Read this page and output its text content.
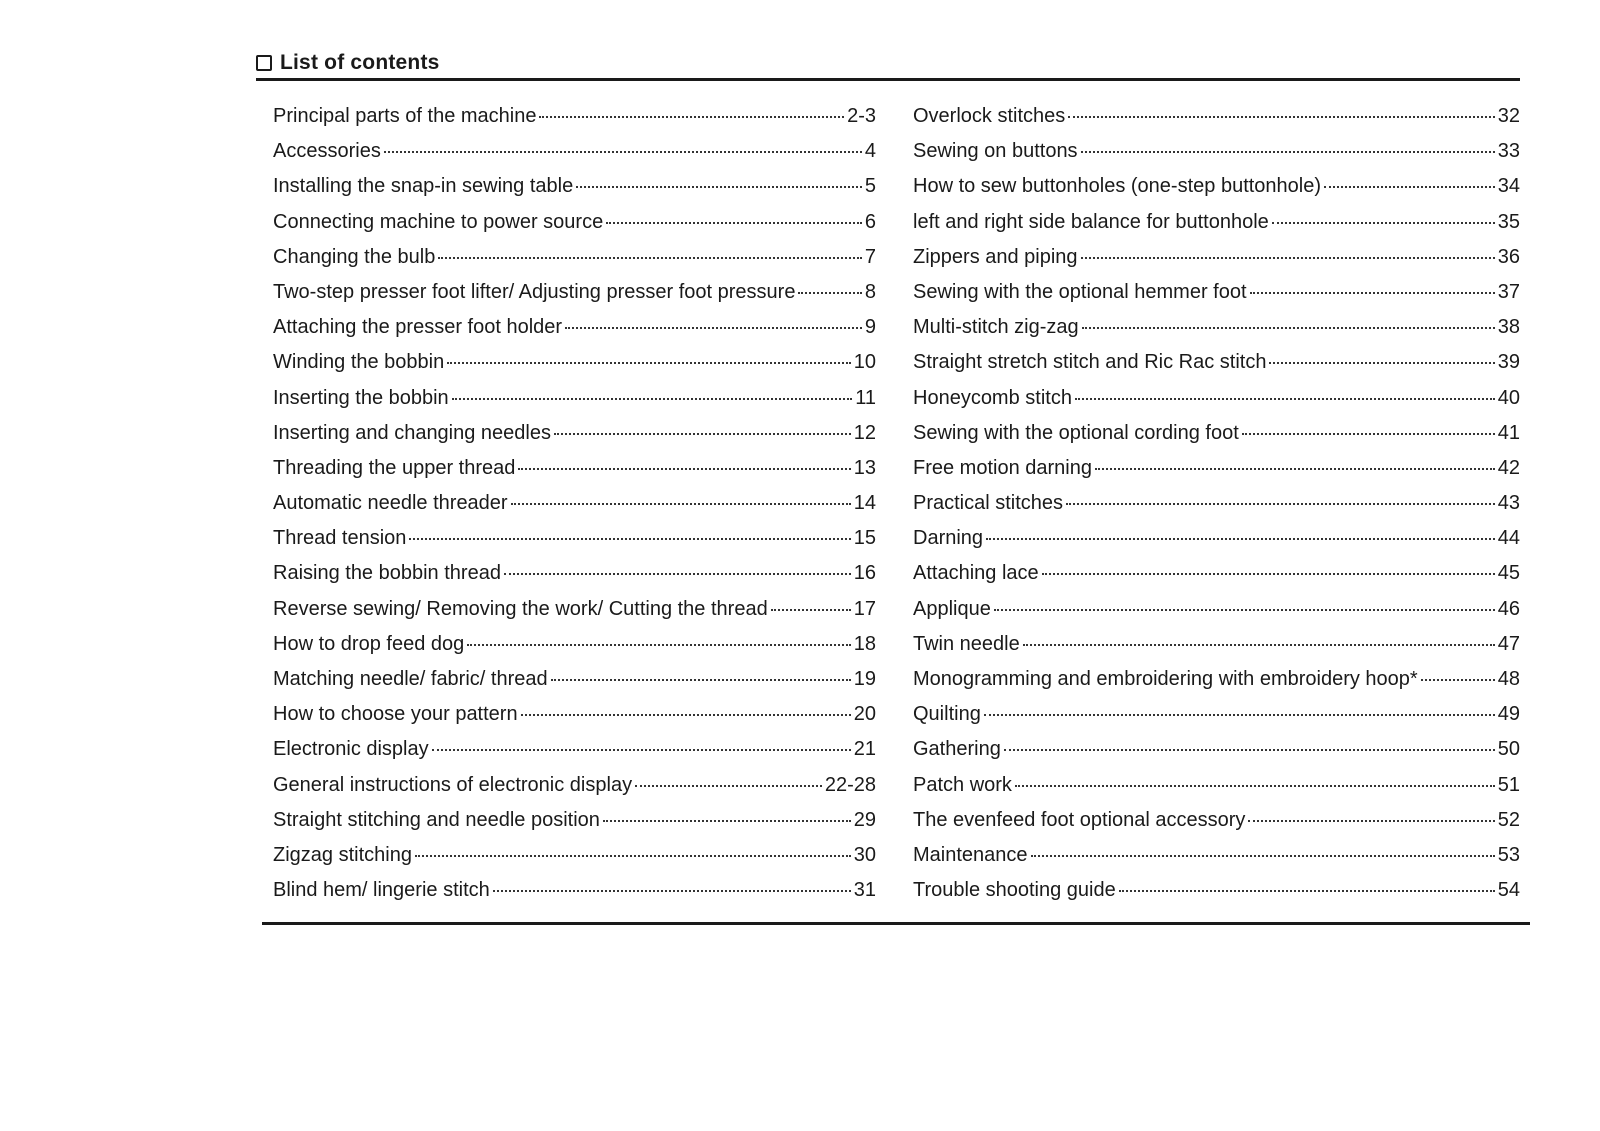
List of contents
Principal parts of the machine	2-3
Accessories	4
Installing the snap-in sewing table	5
Connecting machine to power source	6
Changing the bulb	7
Two-step presser foot lifter/ Adjusting presser foot pressure	8
Attaching the presser foot holder	9
Winding the bobbin	10
Inserting the bobbin	11
Inserting and changing needles	12
Threading the upper thread	13
Automatic needle threader	14
Thread tension	15
Raising the bobbin thread	16
Reverse sewing/ Removing the work/ Cutting the thread	17
How to drop feed dog	18
Matching needle/ fabric/ thread	19
How to choose your pattern	20
Electronic display	21
General instructions of electronic display	22-28
Straight stitching and needle position	29
Zigzag stitching	30
Blind hem/ lingerie stitch	31
Overlock stitches	32
Sewing on buttons	33
How to sew buttonholes (one-step buttonhole)	34
left and right side balance for buttonhole	35
Zippers and piping	36
Sewing with the optional hemmer foot	37
Multi-stitch zig-zag	38
Straight stretch stitch and Ric Rac stitch	39
Honeycomb stitch	40
Sewing with the optional cording foot	41
Free motion darning	42
Practical stitches	43
Darning	44
Attaching lace	45
Applique	46
Twin needle	47
Monogramming and embroidering with embroidery hoop*	48
Quilting	49
Gathering	50
Patch work	51
The evenfeed foot optional accessory	52
Maintenance	53
Trouble shooting guide	54
